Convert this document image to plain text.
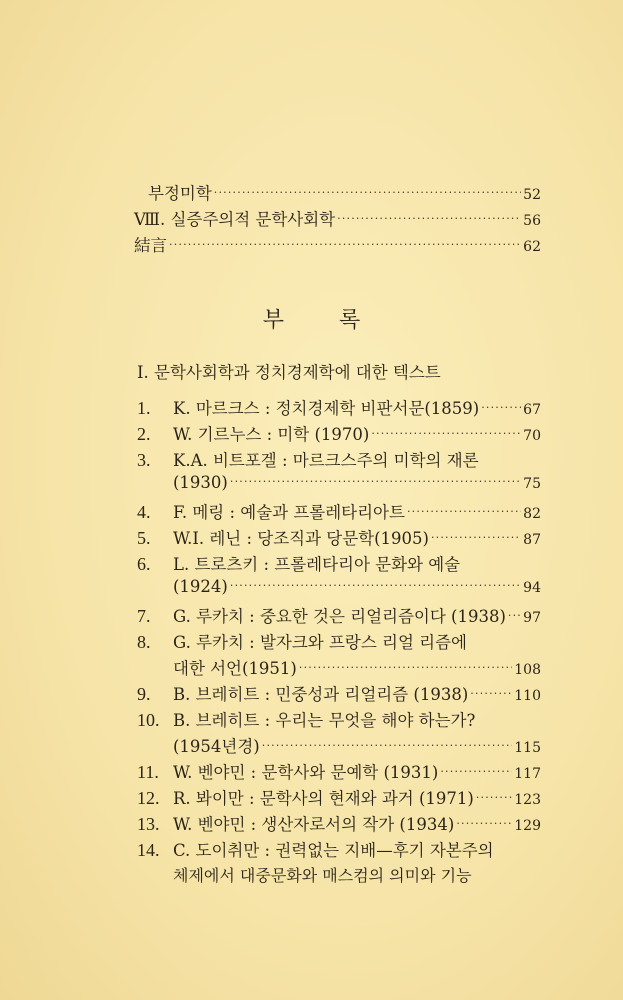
부정미학 ·····	52
Ⅷ. 실증주의적 문학사회학 ·····	56
結言 ·····	62
부 록
I. 문학사회학과 정치경제학에 대한 텍스트
1.	K. 마르크스 : 정치경제학 비판서문(1859) ·····	67
2.	W. 기르누스 : 미학 (1970) ·····	70
3.	K.A. 비트포겔 : 마르크스주의 미학의 재론
(1930) ·····	75
4.	F. 메링 : 예술과 프롤레타리아트 ·····	82
5.	W.I. 레닌 : 당조직과 당문학(1905) ·····	87
6.	L. 트로츠키 : 프롤레타리아 문화와 예술
(1924) ·····	94
7.	G. 루카치 : 중요한 것은 리얼리즘이다 (1938) ····· 97
8.	G. 루카치 : 발자크와 프랑스 리얼 리즘에
대한 서언(1951) ·····	108
9.	B. 브레히트 : 민중성과 리얼리즘 (1938) ·····	110
10. B. 브레히트 : 우리는 무엇을 해야 하는가?
(1954년경) ·····	115
11. W. 벤야민 : 문학사와 문예학 (1931) ·····	117
12. R. 봐이만 : 문학사의 현재와 과거 (1971) ·····	123
13. W. 벤야민 : 생산자로서의 작가 (1934) ·····	129
14. C. 도이취만 : 권력없는 지배—후기 자본주의
체제에서 대중문화와 매스컴의 의미와 기능
